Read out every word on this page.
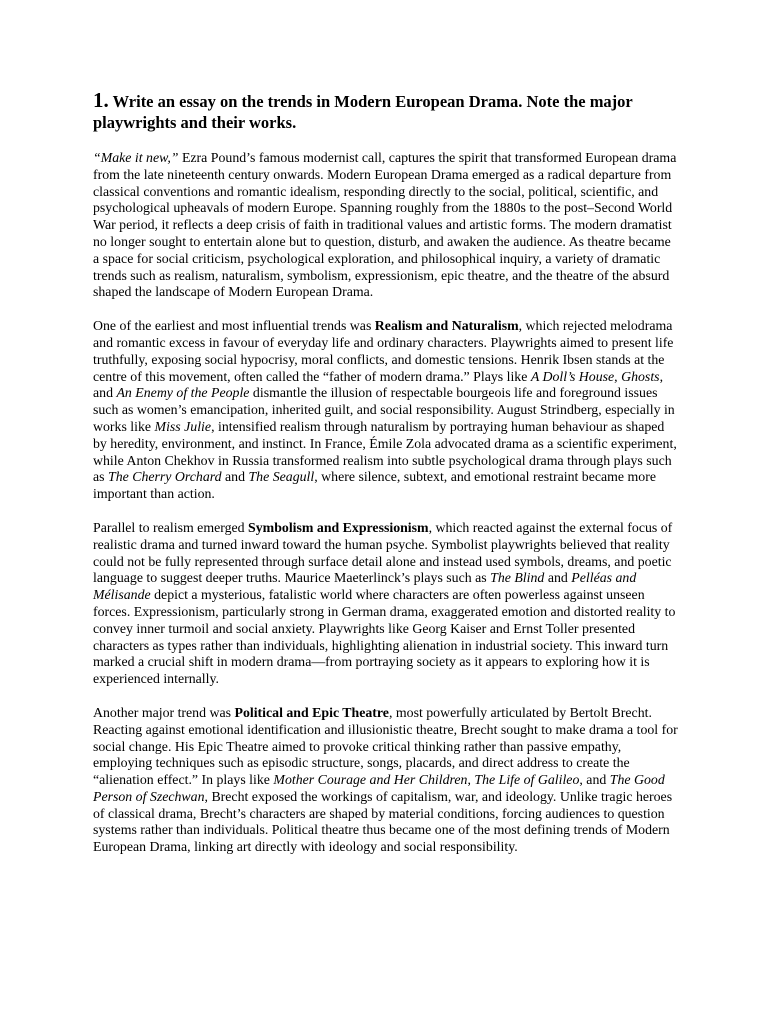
1. Write an essay on the trends in Modern European Drama. Note the major playwrights and their works.

“Make it new,” Ezra Pound’s famous modernist call, captures the spirit that transformed European drama from the late nineteenth century onwards. Modern European Drama emerged as a radical departure from classical conventions and romantic idealism, responding directly to the social, political, scientific, and psychological upheavals of modern Europe. Spanning roughly from the 1880s to the post–Second World War period, it reflects a deep crisis of faith in traditional values and artistic forms. The modern dramatist no longer sought to entertain alone but to question, disturb, and awaken the audience. As theatre became a space for social criticism, psychological exploration, and philosophical inquiry, a variety of dramatic trends such as realism, naturalism, symbolism, expressionism, epic theatre, and the theatre of the absurd shaped the landscape of Modern European Drama.

One of the earliest and most influential trends was Realism and Naturalism, which rejected melodrama and romantic excess in favour of everyday life and ordinary characters. Playwrights aimed to present life truthfully, exposing social hypocrisy, moral conflicts, and domestic tensions. Henrik Ibsen stands at the centre of this movement, often called the “father of modern drama.” Plays like A Doll’s House, Ghosts, and An Enemy of the People dismantle the illusion of respectable bourgeois life and foreground issues such as women’s emancipation, inherited guilt, and social responsibility. August Strindberg, especially in works like Miss Julie, intensified realism through naturalism by portraying human behaviour as shaped by heredity, environment, and instinct. In France, Émile Zola advocated drama as a scientific experiment, while Anton Chekhov in Russia transformed realism into subtle psychological drama through plays such as The Cherry Orchard and The Seagull, where silence, subtext, and emotional restraint became more important than action.

Parallel to realism emerged Symbolism and Expressionism, which reacted against the external focus of realistic drama and turned inward toward the human psyche. Symbolist playwrights believed that reality could not be fully represented through surface detail alone and instead used symbols, dreams, and poetic language to suggest deeper truths. Maurice Maeterlinck’s plays such as The Blind and Pelléas and Mélisande depict a mysterious, fatalistic world where characters are often powerless against unseen forces. Expressionism, particularly strong in German drama, exaggerated emotion and distorted reality to convey inner turmoil and social anxiety. Playwrights like Georg Kaiser and Ernst Toller presented characters as types rather than individuals, highlighting alienation in industrial society. This inward turn marked a crucial shift in modern drama—from portraying society as it appears to exploring how it is experienced internally.

Another major trend was Political and Epic Theatre, most powerfully articulated by Bertolt Brecht. Reacting against emotional identification and illusionistic theatre, Brecht sought to make drama a tool for social change. His Epic Theatre aimed to provoke critical thinking rather than passive empathy, employing techniques such as episodic structure, songs, placards, and direct address to create the “alienation effect.” In plays like Mother Courage and Her Children, The Life of Galileo, and The Good Person of Szechwan, Brecht exposed the workings of capitalism, war, and ideology. Unlike tragic heroes of classical drama, Brecht’s characters are shaped by material conditions, forcing audiences to question systems rather than individuals. Political theatre thus became one of the most defining trends of Modern European Drama, linking art directly with ideology and social responsibility.
